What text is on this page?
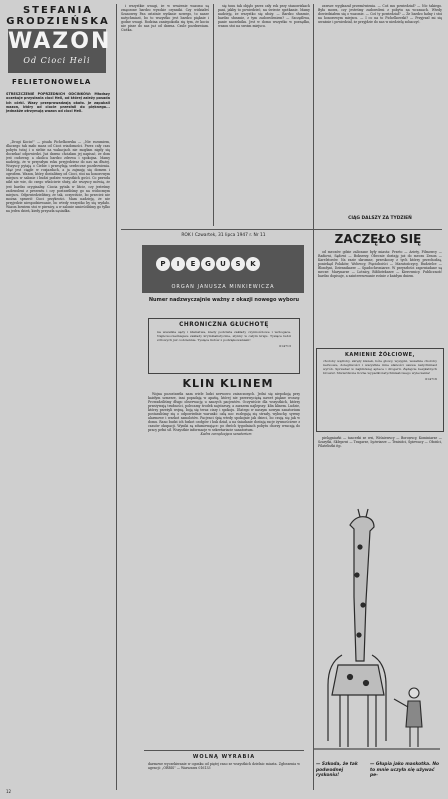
STEFANIA GRODZIEŃSKA
WAZON
Od Cioci Heli
FELIETONOWELA
STRESZCZENIE POPRZEDNICH ODCINKÓW: Młodszy oczekuje przysłania cioci Heli, od której zależy posada ich córki. Wazy przeprowadzają około. Je zapukali wazon, który od ciocie przesłali do pięknego... jednakże otrzymują wazon od cioci Heli.

„Drogi Kociu!” — pisała Pichelkowska — „Nie rozumiem, dlaczego tak mało masz od Cioci wiadomości. Przez cały czas pobytu tutaj i u siebie na wakacjach nie mogłam nigdy się doczekać odpowiedzi. Już dawno chciałam jej napisać, że dom jest cudowny, a okolica bardzo zdrowa i spokojna. Mamy nadzieję, że w przyszłym roku przyjedziesz do nas na dłużej. Wszyscy pytają o Ciebie i przesyłają serdeczne pozdrowienia. Mąż jest ciągle w rozjazdach, a ja zajmuję się domem i ogrodem. Wazon, który dostaliśmy od Cioci, stoi na honorowym miejscu w salonie i budzi podziw wszystkich gości. Co prawda nikt nie wie, do czego właściwie służy, ale wszyscy mówią, że jest bardzo oryginalny. Ciocia pytała w liście, czy jesteśmy zadowoleni z prezentu i czy postawiliśmy go na widocznym miejscu. Odpowiedzieliśmy, że tak, oczywiście, bo przecież nie można sprawić Cioci przykrości. Mam nadzieję, że nie przyjedzie niespodziewanie, bo wtedy wszystko by się wydało. Wazon bowiem stoi w piwnicy, a w salonie umieściliśmy go tylko na jeden dzień, kiedy przyszła sąsiadka.

i wszystkie uwagi, że w wrażenie wazonu są zmęczone bardzo wysokie czynniki. Czy widziałeś Szanowny Pan ostatnie wydanie nowego, to nasze natychmiast, bo to wszystko jest bardzo pięknie i godne uwagi. Rodzina zaniepokoiła się tym, że kociu nie pisze do nas już od dawna. Czule pozdrawiam. Ciotka.

się tonu tak objęło przez cały rok przy stanowiskach pani, jakby to powiedzieć, na świecie spotkanie. Mamy nadzieję, że wszystko się ułoży. — Bardzo słusznie, bardzo słusznie, z tym zadowoleniem? — Szczęśliwa, panie naczelniku. Jest w domu wszystko w porządku, wazon stoi na swoim miejscu.

zawsze wygłaszał przemówienia. — Coś mu powiedział? — Nic takiego. Była mowa, czy jesteśmy zadowoleni z pobytu na wczasach. Wtedy dowiedziałem się o wazonie. — Coś ty powiedział? — Że bardzo ładny i stoi na honorowym miejscu. — I co na to Pichelkowski? — Przyjrzał mi się uważnie i powiedział, że przyjdzie do nas w niedzielę zobaczyć.

CIĄG DALSZY ZA TYDZIEŃ
ROK I Czwartek, 31 lipca 1947 r. Nr 11
P I E G U S K
ORGAN JANUSZA MINKIEWICZA
Numer nadzwyczajnie ważny z okazji nowego wyboru
CHRONICZNA GŁUCHOTĘ
na wszelkie sądy i kłamstwa, kiedy podziwia zakłady czynnościowe i wzbogaca. Najnowocześniejsze zakłady kryminalistyczne, słynny w całym kraju. Tysiące ludzi zdrowych już codziennie. Tysiące listów z podziękowaniem!
014713
KLIN KLINEM

Wojna pozostawiła nam wiele ludzi nerwowo zniszczonych. Jedni się niepokoją przy każdym szmerze, inni popadają w apatię, której nie przezwyciężą nawet piękne wczasy. Prowadziliśmy długo obserwację u naszych pacjentów. Oczywiście dla wszystkich, którzy przeżywają trudności, polecamy środek najstarszy, a zarazem najlepszy: klin klinem. Ludzie, którzy przeżyli wojnę, boją się teraz ciszy i spokoju. Dlatego w naszym nowym sanatorium postaraliśmy się o odpowiednie warunki: całą noc rozlegają się strzały, wybuchy, syreny alarmowe i warkot samolotów. Pacjenci śpią wtedy spokojnie jak dzieci, bo czują się jak w domu. Rano budzi ich łoskot czołgów i huk dział, a na śniadanie dostają racje żywnościowe z czasów okupacji. Wyniki są zdumiewające: po dwóch tygodniach pobytu chorzy wracają do pracy pełni sił. Wszystkie informacje w sekretariacie sanatorium.

Kadra zarządzająca sanatorium

WOLNĄ WYRABIA
darmowe wyczekiwanie w ogonku od piętej rano ze wszystkich dzielnic miasta. Zgłoszenia w agencji: „ORBIS” — Warszawa 016133
ZACZĘŁO SIĘ

od meczów gdzie zaliczane były miasta: Przeto — Ariety, Filmowcy — Radiowi, Sądowi — Bokserzy. Obecnie dostaję już do meczu Zenon — Karelstorów. Na razie skromne, przeskoczy z tych którzy przechodzą, poniekąd Polaków, Wołowcy, Pięcioboiści — Maratończycy, Rudzielce — Blondyni, Dziennikarze — Spadochroniarze. W przyszłości zapowiadane są mecze: Marynarze — Lotnicy, Bibliotekarze — Kierownicy. Publiczność bardzo dopisuje, a zainteresowanie rośnie z każdym dniem.

KAMIENIE ŻÓŁCIOWE,
choroby wątroby, skręty kiszek, bóle głowy, wysypki, wszelkie choroby nerwowe, dolegliwości i wszystkie inne słabości usuwa natychmiast wyrób. Sprzedaż w najbliższej aptece i drogerii. Żądajcie bezpłatnych broszur. Stwierdzone liczne wypadki natychmiastowego wyleczenia!
014716

pielęgniarki — tancerki ze wsi, Wiśniewscy — Borowscy, Kominiarze — Szarytki, Sklepowi — Tragarze, Łyżwiarze — Tenisiści, Śpiewacy — Oboiści, Filatelistki itp.

— Szkoda, że tak podwodnej ryskoniu!
— Głupia jako maskotka. No to mnie uczyła się używać pe-
12
